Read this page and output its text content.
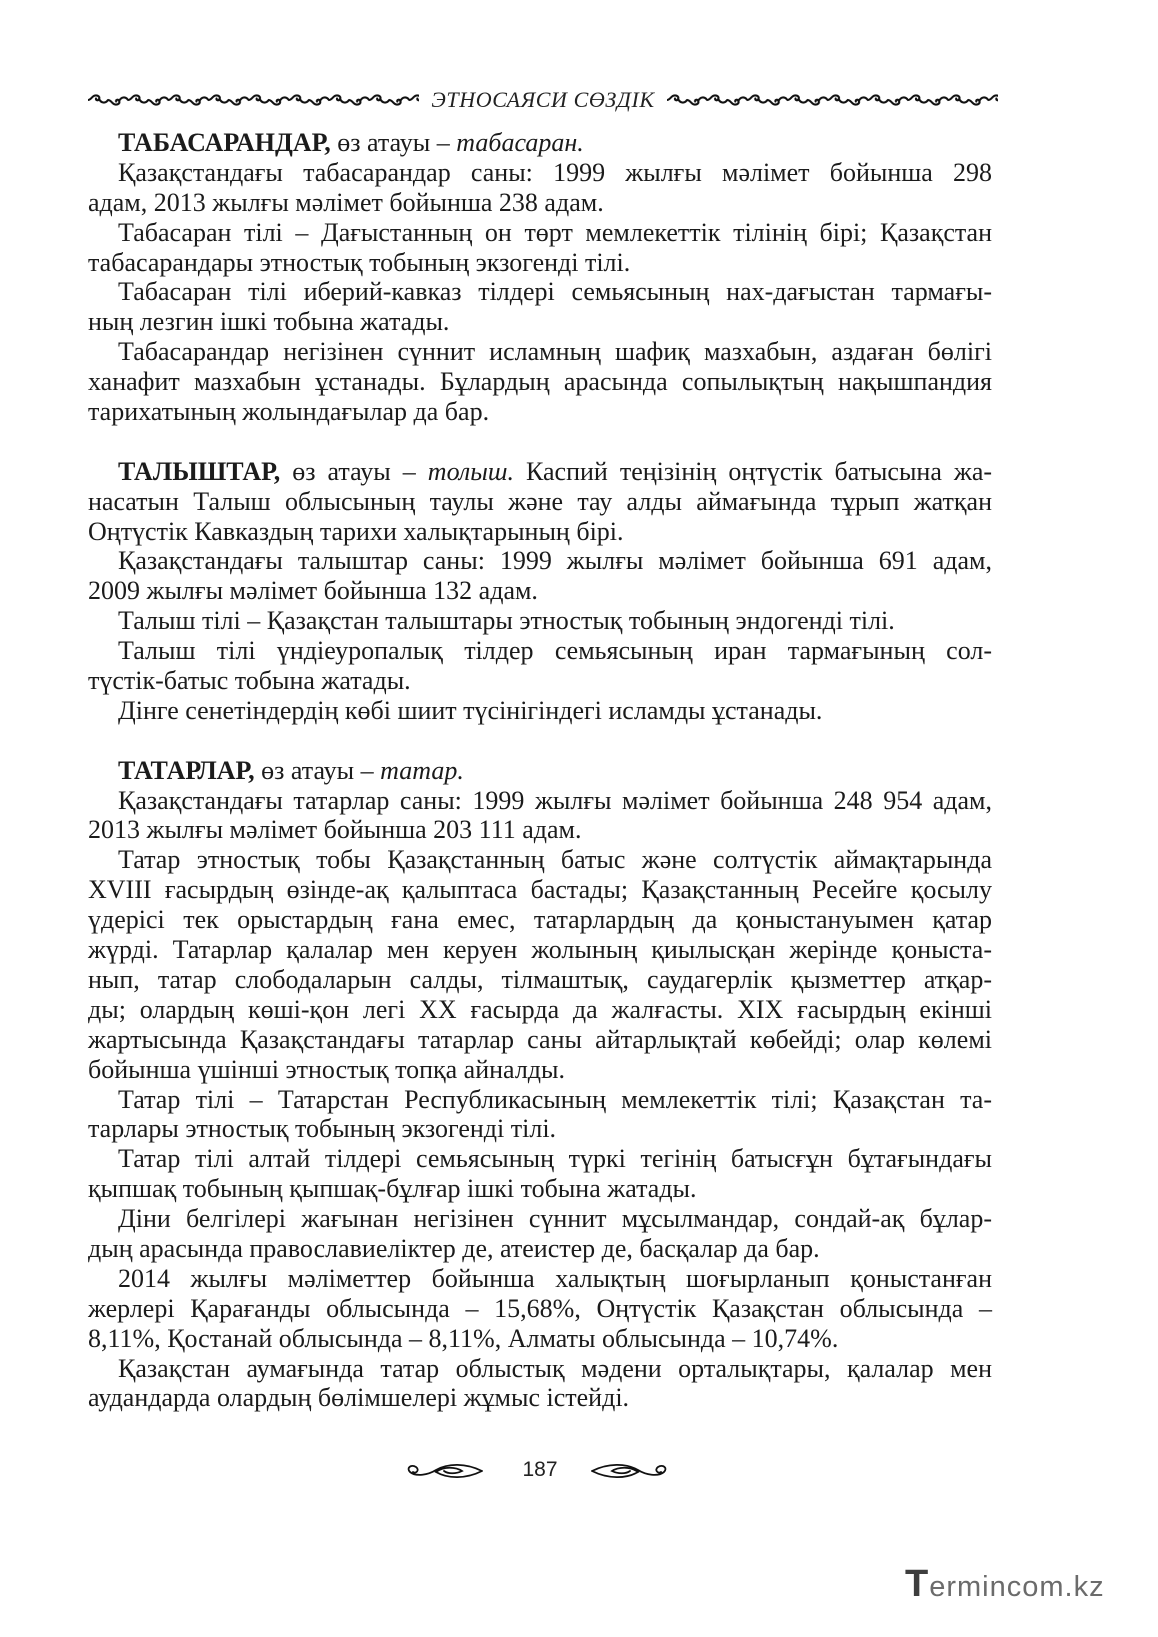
ЭТНОСАЯСИ СӨЗДІК
ТАБАСАРАНДАР, өз атауы – табасаран.
Қазақстандағы табасарандар саны: 1999 жылғы мәлімет бойынша 298
адам, 2013 жылғы мәлімет бойынша 238 адам.
Табасаран тілі – Дағыстанның он төрт мемлекеттік тілінің бірі; Қазақстан
табасарандары этностық тобының экзогенді тілі.
Табасаран тілі иберий-кавказ тілдері семьясының нах-дағыстан тармағы-
ның лезгин ішкі тобына жатады.
Табасарандар негізінен сүннит исламның шафиқ мазхабын, аздаған бөлігі
ханафит мазхабын ұстанады. Бұлардың арасында сопылықтың нақышпандия
тарихатының жолындағылар да бар.
ТАЛЫШТАР, өз атауы – толыш. Каспий теңізінің оңтүстік батысына жа-
насатын Талыш облысының таулы және тау алды аймағында тұрып жатқан
Оңтүстік Кавказдың тарихи халықтарының бірі.
Қазақстандағы талыштар саны: 1999 жылғы мәлімет бойынша 691 адам,
2009 жылғы мәлімет бойынша 132 адам.
Талыш тілі – Қазақстан талыштары этностық тобының эндогенді тілі.
Талыш тілі үндіеуропалық тілдер семьясының иран тармағының сол-
түстік-батыс тобына жатады.
Дінге сенетіндердің көбі шиит түсінігіндегі исламды ұстанады.
ТАТАРЛАР, өз атауы – татар.
Қазақстандағы татарлар саны: 1999 жылғы мәлімет бойынша 248 954 адам,
2013 жылғы мәлімет бойынша 203 111 адам.
Татар этностық тобы Қазақстанның батыс және солтүстік аймақтарында
XVIII ғасырдың өзінде-ақ қалыптаса бастады; Қазақстанның Ресейге қосылу
үдерісі тек орыстардың ғана емес, татарлардың да қоныстануымен қатар
жүрді. Татарлар қалалар мен керуен жолының қиылысқан жерінде қоныста-
нып, татар слободаларын салды, тілмаштық, саудагерлік қызметтер атқар-
ды; олардың көші-қон легі XX ғасырда да жалғасты. XIX ғасырдың екінші
жартысында Қазақстандағы татарлар саны айтарлықтай көбейді; олар көлемі
бойынша үшінші этностық топқа айналды.
Татар тілі – Татарстан Республикасының мемлекеттік тілі; Қазақстан та-
тарлары этностық тобының экзогенді тілі.
Татар тілі алтай тілдері семьясының түркі тегінің батысғұн бұтағындағы
қыпшақ тобының қыпшақ-бұлғар ішкі тобына жатады.
Діни белгілері жағынан негізінен сүннит мұсылмандар, сондай-ақ бұлар-
дың арасында православиеліктер де, атеистер де, басқалар да бар.
2014 жылғы мәліметтер бойынша халықтың шоғырланып қоныстанған
жерлері Қарағанды облысында – 15,68%, Оңтүстік Қазақстан облысында –
8,11%, Қостанай облысында – 8,11%, Алматы облысында – 10,74%.
Қазақстан аумағында татар облыстық мәдени орталықтары, қалалар мен
аудандарда олардың бөлімшелері жұмыс істейді.
187
Termincom.kz
